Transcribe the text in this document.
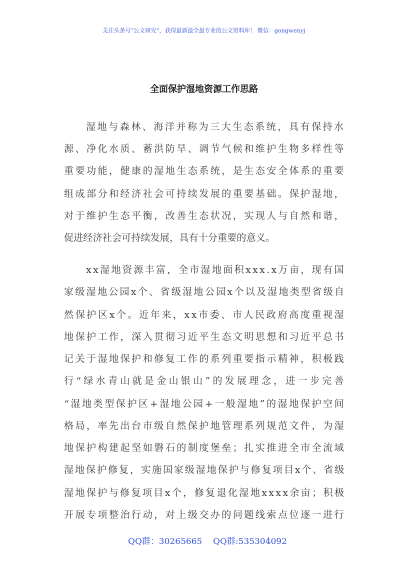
关注头条号“公文研究”，获得最新最全最专业的公文资料库！ 微信：gongwenyj
全面保护湿地资源工作思路
湿地与森林、海洋并称为三大生态系统，具有保持水
源、净化水质、蓄洪防旱、调节气候和维护生物多样性等
重要功能，健康的湿地生态系统，是生态安全体系的重要
组成部分和经济社会可持续发展的重要基础。保护湿地，
对于维护生态平衡，改善生态状况，实现人与自然和谐，
促进经济社会可持续发展，具有十分重要的意义。
xx湿地资源丰富，全市湿地面积xxx.x万亩，现有国
家级湿地公园x个、省级湿地公园x个以及湿地类型省级自
然保护区x个。近年来，xx市委、市人民政府高度重视湿
地保护工作，深入贯彻习近平生态文明思想和习近平总书
记关于湿地保护和修复工作的系列重要指示精神，积极践
行“绿水青山就是金山银山”的发展理念，进一步完善
“湿地类型保护区+湿地公园+一般湿地”的湿地保护空间
格局，率先出台市级自然保护地管理系列规范文件，为湿
地保护构建起坚如磐石的制度堡垒；扎实推进全市全流域
湿地保护修复，实施国家级湿地保护与修复项目x个、省级
湿地保护与修复项目x个，修复退化湿地xxxx余亩；积极
开展专项整治行动，对上级交办的问题线索点位逐一进行
QQ群：30265665 QQ群:535304092
